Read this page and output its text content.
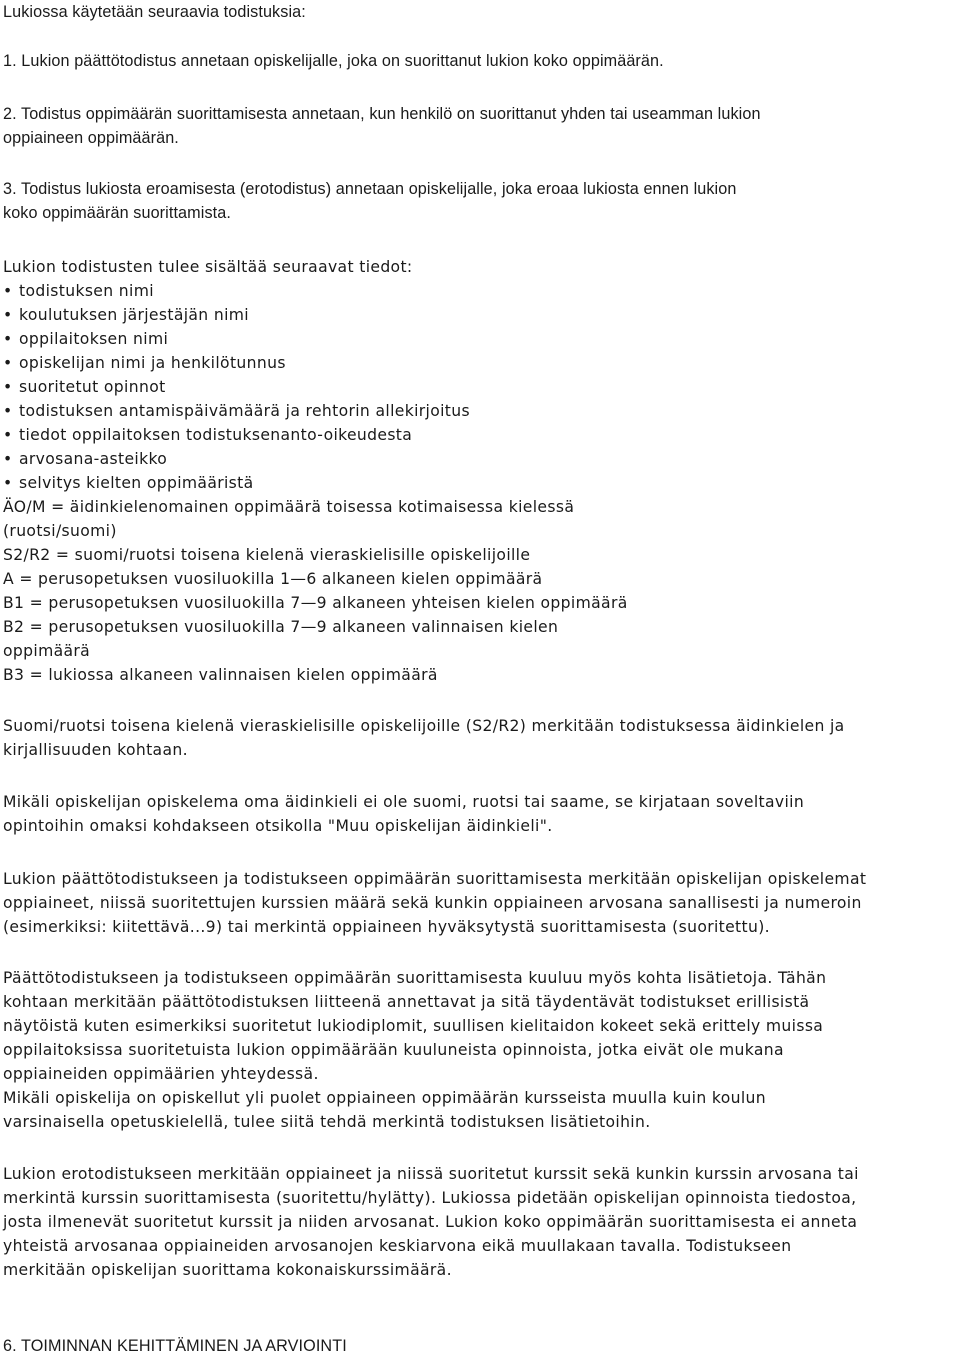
Lukiossa käytetään seuraavia todistuksia:

1. Lukion päättötodistus annetaan opiskelijalle, joka on suorittanut lukion koko oppimäärän.

2. Todistus oppimäärän suorittamisesta annetaan, kun henkilö on suorittanut yhden tai useamman lukion

oppiaineen oppimäärän.

3. Todistus lukiosta eroamisesta (erotodistus) annetaan opiskelijalle, joka eroaa lukiosta ennen lukion

koko oppimäärän suorittamista.

Lukion todistusten tulee sisältää seuraavat tiedot:

• todistuksen nimi

• koulutuksen järjestäjän nimi

• oppilaitoksen nimi

• opiskelijan nimi ja henkilötunnus

• suoritetut opinnot

• todistuksen antamispäivämäärä ja rehtorin allekirjoitus

• tiedot oppilaitoksen todistuksenanto-oikeudesta

• arvosana-asteikko

• selvitys kielten oppimääristä

ÄO/M = äidinkielenomainen oppimäärä toisessa kotimaisessa kielessä

(ruotsi/suomi)

S2/R2 = suomi/ruotsi toisena kielenä vieraskielisille opiskelijoille

A = perusopetuksen vuosiluokilla 1—6 alkaneen kielen oppimäärä

B1 = perusopetuksen vuosiluokilla 7—9 alkaneen yhteisen kielen oppimäärä

B2 = perusopetuksen vuosiluokilla 7—9 alkaneen valinnaisen kielen

oppimäärä

B3 = lukiossa alkaneen valinnaisen kielen oppimäärä

Suomi/ruotsi toisena kielenä vieraskielisille opiskelijoille (S2/R2) merkitään todistuksessa äidinkielen ja

kirjallisuuden kohtaan.

Mikäli opiskelijan opiskelema oma äidinkieli ei ole suomi, ruotsi tai saame, se kirjataan soveltaviin

opintoihin omaksi kohdakseen otsikolla "Muu opiskelijan äidinkieli".

Lukion päättötodistukseen ja todistukseen oppimäärän suorittamisesta merkitään opiskelijan opiskelemat

oppiaineet, niissä suoritettujen kurssien määrä sekä kunkin oppiaineen arvosana sanallisesti ja numeroin

(esimerkiksi: kiitettävä...9) tai merkintä oppiaineen hyväksytystä suorittamisesta (suoritettu).

Päättötodistukseen ja todistukseen oppimäärän suorittamisesta kuuluu myös kohta lisätietoja. Tähän

kohtaan merkitään päättötodistuksen liitteenä annettavat ja sitä täydentävät todistukset erillisistä

näytöistä kuten esimerkiksi suoritetut lukiodiplomit, suullisen kielitaidon kokeet sekä erittely muissa

oppilaitoksissa suoritetuista lukion oppimäärään kuuluneista opinnoista, jotka eivät ole mukana

oppiaineiden oppimäärien yhteydessä.

Mikäli opiskelija on opiskellut yli puolet oppiaineen oppimäärän kursseista muulla kuin koulun

varsinaisella opetuskielellä, tulee siitä tehdä merkintä todistuksen lisätietoihin.

Lukion erotodistukseen merkitään oppiaineet ja niissä suoritetut kurssit sekä kunkin kurssin arvosana tai

merkintä kurssin suorittamisesta (suoritettu/hylätty). Lukiossa pidetään opiskelijan opinnoista tiedostoa,

josta ilmenevät suoritetut kurssit ja niiden arvosanat. Lukion koko oppimäärän suorittamisesta ei anneta

yhteistä arvosanaa oppiaineiden arvosanojen keskiarvona eikä muullakaan tavalla. Todistukseen

merkitään opiskelijan suorittama kokonaiskurssimäärä.

6. TOIMINNAN KEHITTÄMINEN JA ARVIOINTI
